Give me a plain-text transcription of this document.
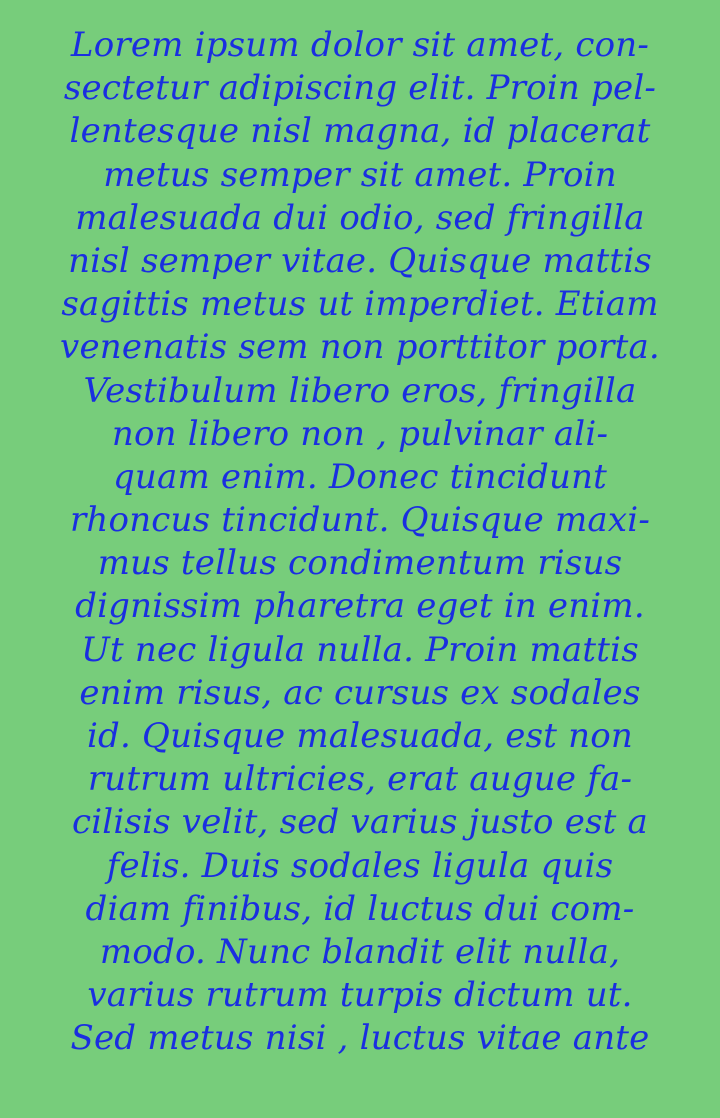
Lorem ipsum dolor sit amet, con-
sectetur adipiscing elit. Proin pel-
lentesque nisl magna, id placerat
metus semper sit amet. Proin
malesuada dui odio, sed fringilla
nisl semper vitae. Quisque mattis
sagittis metus ut imperdiet. Etiam
venenatis sem non porttitor porta.
Vestibulum libero eros, fringilla
non libero non , pulvinar ali-
quam enim. Donec tincidunt
rhoncus tincidunt. Quisque maxi-
mus tellus condimentum risus
dignissim pharetra eget in enim.
Ut nec ligula nulla. Proin mattis
enim risus, ac cursus ex sodales
id. Quisque malesuada, est non
rutrum ultricies, erat augue fa-
cilisis velit, sed varius justo est a
felis. Duis sodales ligula quis
diam finibus, id luctus dui com-
modo. Nunc blandit elit nulla,
varius rutrum turpis dictum ut.
Sed metus nisi , luctus vitae ante
